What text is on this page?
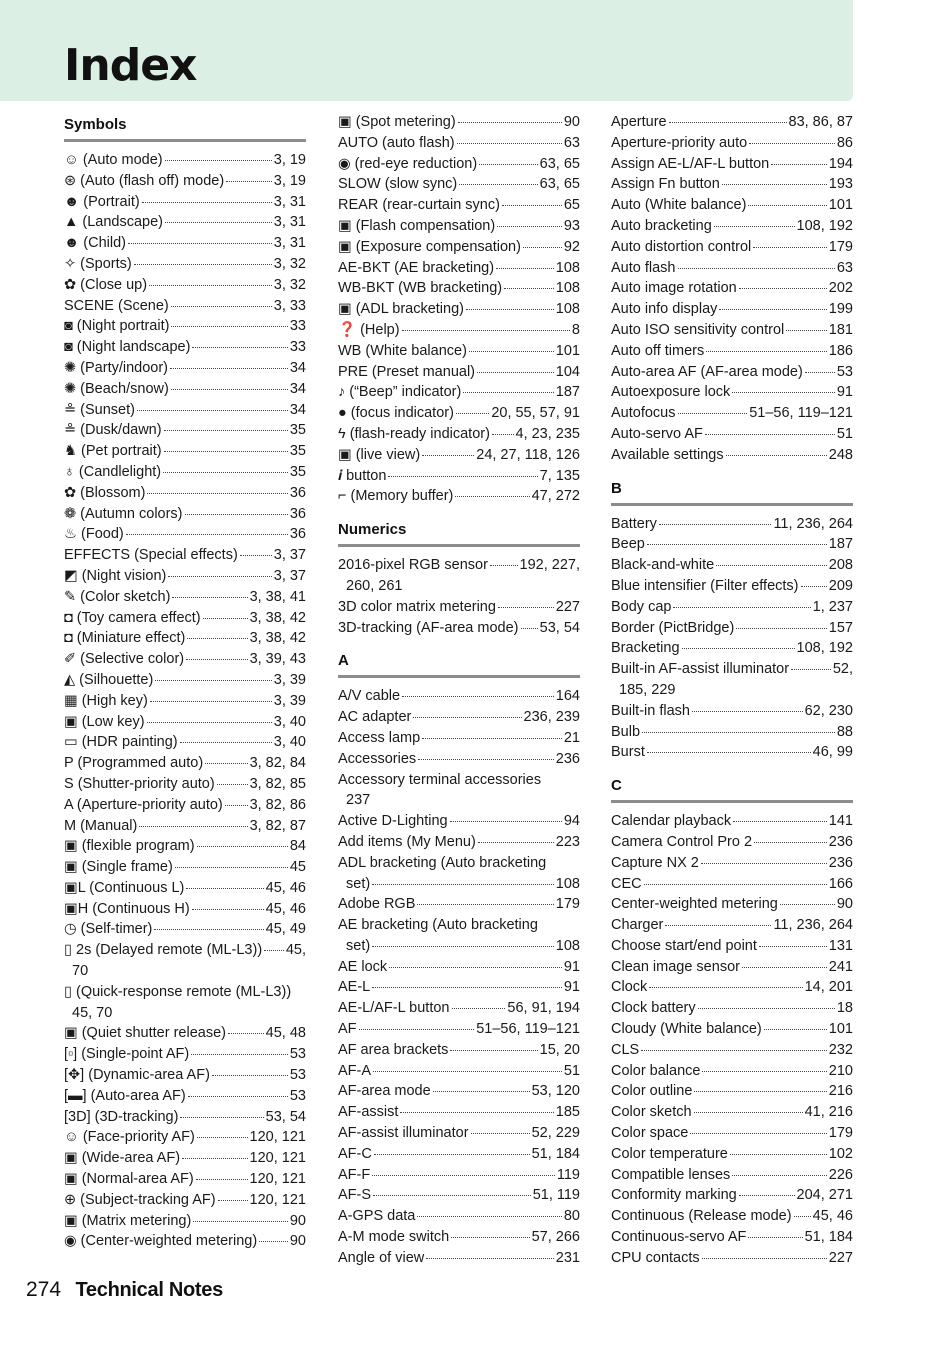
Index
Symbols
☺ (Auto mode)	3, 19
⊛ (Auto (flash off) mode)	3, 19
☻ (Portrait)	3, 31
▲ (Landscape)	3, 31
☻ (Child)	3, 31
✧ (Sports)	3, 32
✿ (Close up)	3, 32
SCENE (Scene)	3, 33
◙ (Night portrait)	33
◙ (Night landscape)	33
✺ (Party/indoor)	34
✺ (Beach/snow)	34
≗ (Sunset)	34
≗ (Dusk/dawn)	35
♞ (Pet portrait)	35
♁ (Candlelight)	35
✿ (Blossom)	36
❁ (Autumn colors)	36
♨ (Food)	36
EFFECTS (Special effects) 3, 37
◩ (Night vision)	3, 37
✎ (Color sketch)	3, 38, 41
◘ (Toy camera effect)	3, 38, 42
◘ (Miniature effect)	3, 38, 42
✐ (Selective color)	3, 39, 43
◭ (Silhouette)	3, 39
▦ (High key)	3, 39
▣ (Low key)	3, 40
▭ (HDR painting)	3, 40
P (Programmed auto)	3, 82, 84
S (Shutter-priority auto) 3, 82, 85
A (Aperture-priority auto) 3, 82, 86
M (Manual)	3, 82, 87
▣ (flexible program)	84
▣ (Single frame)	45
▣L (Continuous L)	45, 46
▣H (Continuous H)	45, 46
◷ (Self-timer)	45, 49
▯ 2s (Delayed remote (ML-L3)) 45,
70
▯ (Quick-response remote (ML-L3))
45, 70
▣ (Quiet shutter release)	45, 48
[▫] (Single-point AF)	53
[✥] (Dynamic-area AF)	53
[▬] (Auto-area AF)	53
[3D] (3D-tracking)	53, 54
☺ (Face-priority AF)	120, 121
▣ (Wide-area AF)	120, 121
▣ (Normal-area AF)	120, 121
⊕ (Subject-tracking AF) 120, 121
▣ (Matrix metering)	90
◉ (Center-weighted metering) 90
▣ (Spot metering)	90
AUTO (auto flash)	63
◉ (red-eye reduction)	63, 65
SLOW (slow sync)	63, 65
REAR (rear-curtain sync)	65
▣ (Flash compensation)	93
▣ (Exposure compensation)	92
AE-BKT (AE bracketing)	108
WB-BKT (WB bracketing)	108
▣ (ADL bracketing)	108
❓ (Help)	8
WB (White balance)	101
PRE (Preset manual)	104
♪ (“Beep” indicator)	187
● (focus indicator)	20, 55, 57, 91
ϟ (flash-ready indicator) 4, 23, 235
▣ (live view)	24, 27, 118, 126
𝒊 button	7, 135
⌐ (Memory buffer)	47, 272
Numerics
2016-pixel RGB sensor 192, 227,
260, 261
3D color matrix metering	227
3D-tracking (AF-area mode) 53, 54
A
A/V cable	164
AC adapter	236, 239
Access lamp	21
Accessories	236
Accessory terminal accessories
237
Active D-Lighting	94
Add items (My Menu)	223
ADL bracketing (Auto bracketing
set)	108
Adobe RGB	179
AE bracketing (Auto bracketing
set)	108
AE lock	91
AE-L	91
AE-L/AF-L button	56, 91, 194
AF	51–56, 119–121
AF area brackets	15, 20
AF-A	51
AF-area mode	53, 120
AF-assist	185
AF-assist illuminator	52, 229
AF-C	51, 184
AF-F	119
AF-S	51, 119
A-GPS data	80
A-M mode switch	57, 266
Angle of view	231
Aperture	83, 86, 87
Aperture-priority auto	86
Assign AE-L/AF-L button	194
Assign Fn button	193
Auto (White balance)	101
Auto bracketing	108, 192
Auto distortion control	179
Auto flash	63
Auto image rotation	202
Auto info display	199
Auto ISO sensitivity control	181
Auto off timers	186
Auto-area AF (AF-area mode) 53
Autoexposure lock	91
Autofocus	51–56, 119–121
Auto-servo AF	51
Available settings	248
B
Battery	11, 236, 264
Beep	187
Black-and-white	208
Blue intensifier (Filter effects) 209
Body cap	1, 237
Border (PictBridge)	157
Bracketing	108, 192
Built-in AF-assist illuminator	52,
185, 229
Built-in flash	62, 230
Bulb	88
Burst	46, 99
C
Calendar playback	141
Camera Control Pro 2	236
Capture NX 2	236
CEC	166
Center-weighted metering	90
Charger	11, 236, 264
Choose start/end point	131
Clean image sensor	241
Clock	14, 201
Clock battery	18
Cloudy (White balance)	101
CLS	232
Color balance	210
Color outline	216
Color sketch	41, 216
Color space	179
Color temperature	102
Compatible lenses	226
Conformity marking	204, 271
Continuous (Release mode) 45, 46
Continuous-servo AF	51, 184
CPU contacts	227
274 Technical Notes
